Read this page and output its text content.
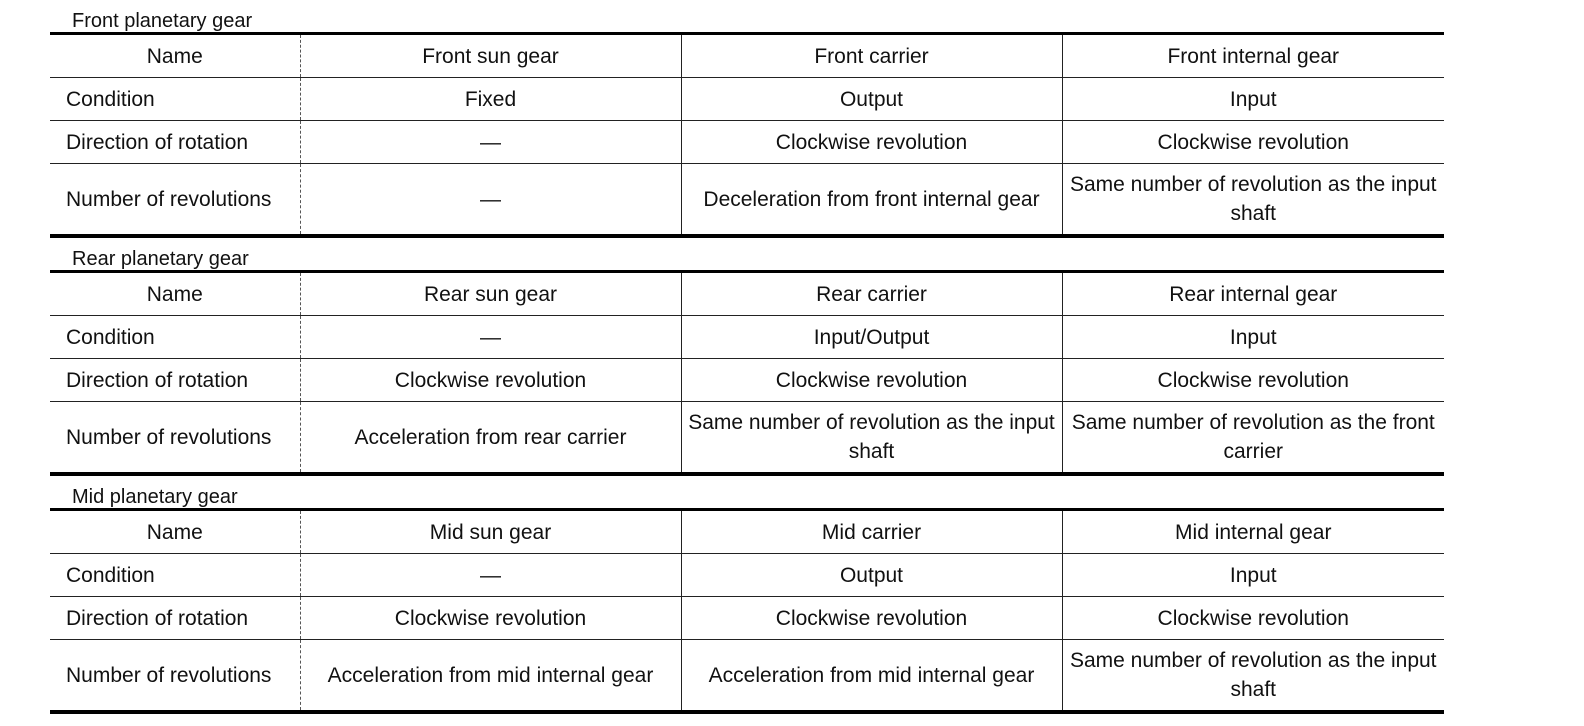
Front planetary gear
Name	Front sun gear	Front carrier	Front internal gear
Condition	Fixed	Output	Input
Direction of rotation	—	Clockwise revolution	Clockwise revolution
Number of revolutions	—	Deceleration from front internal gear	Same number of revolution as the input shaft
Rear planetary gear
Name	Rear sun gear	Rear carrier	Rear internal gear
Condition	—	Input/Output	Input
Direction of rotation	Clockwise revolution	Clockwise revolution	Clockwise revolution
Number of revolutions	Acceleration from rear carrier	Same number of revolution as the input shaft	Same number of revolution as the front carrier
Mid planetary gear
Name	Mid sun gear	Mid carrier	Mid internal gear
Condition	—	Output	Input
Direction of rotation	Clockwise revolution	Clockwise revolution	Clockwise revolution
Number of revolutions	Acceleration from mid internal gear	Acceleration from mid internal gear	Same number of revolution as the input shaft
